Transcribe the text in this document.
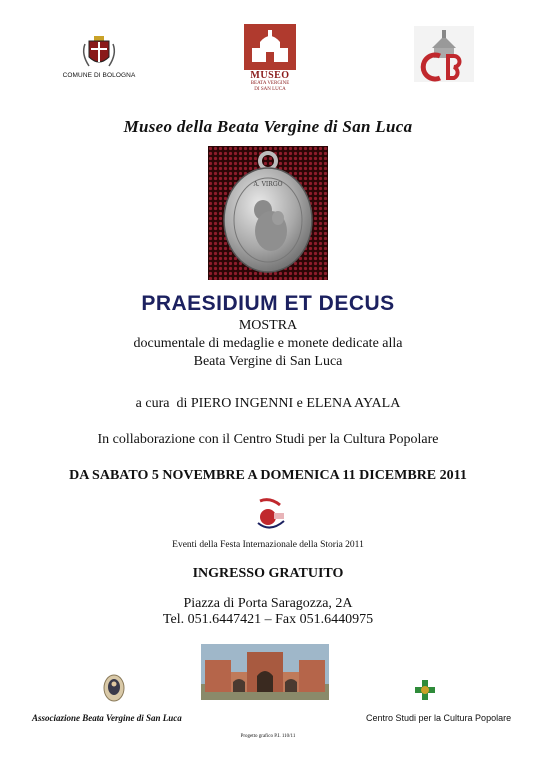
COMUNE DI BOLOGNA	MUSEO
BEATA VERGINE
DI SAN LUCA
Museo della Beata Vergine di San Luca
A. VIRGO
PRAESIDIUM ET DECUS
MOSTRA
documentale di medaglie e monete dedicate alla
Beata Vergine di San Luca
a cura  di PIERO INGENNI e ELENA AYALA
In collaborazione con il Centro Studi per la Cultura Popolare
DA SABATO 5 NOVEMBRE A DOMENICA 11 DICEMBRE 2011
Eventi della Festa Internazionale della Storia 2011
INGRESSO GRATUITO
Piazza di Porta Saragozza, 2A
Tel. 051.6447421 – Fax 051.6440975
Associazione Beata Vergine di San Luca	Centro Studi per la Cultura Popolare
Progetto grafico P.I. 110/11
